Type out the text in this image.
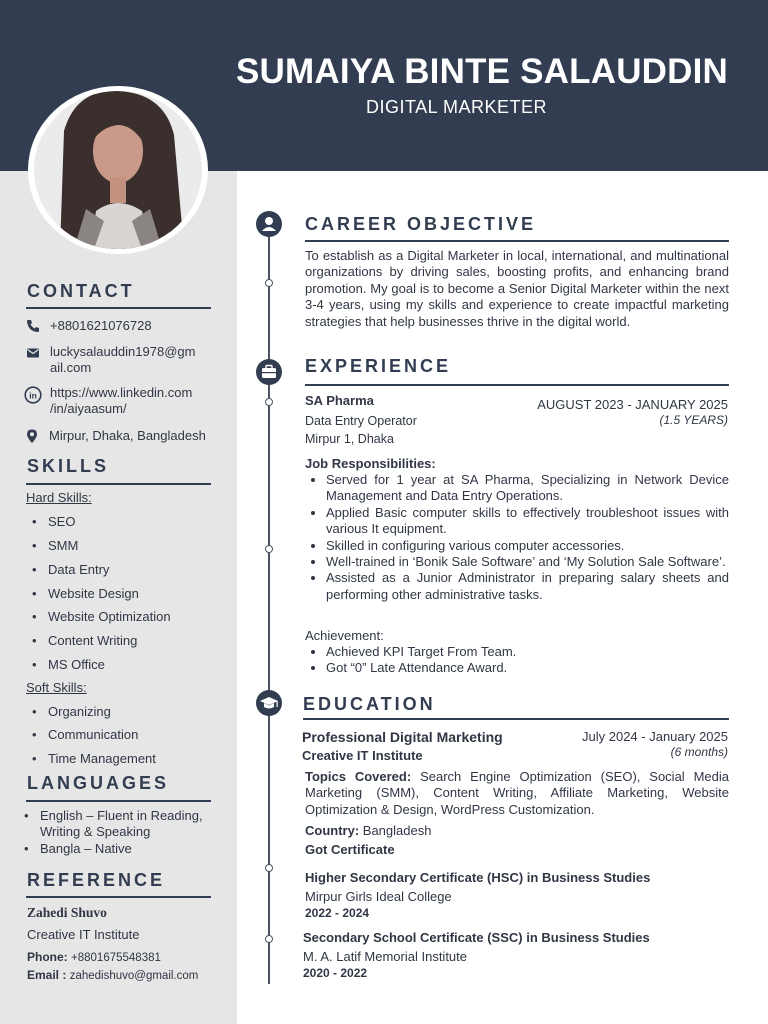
SUMAIYA BINTE SALAUDDIN
DIGITAL MARKETER
CONTACT
+8801621076728
luckysalauddin1978@gm
ail.com
in https://www.linkedin.com
/in/aiyaasum/
Mirpur, Dhaka, Bangladesh
SKILLS
Hard Skills:
• SEO
• SMM
• Data Entry
• Website Design
• Website Optimization
• Content Writing
• MS Office
Soft Skills:
• Organizing
• Communication
• Time Management
LANGUAGES
• English – Fluent in Reading,
Writing & Speaking
• Bangla – Native
REFERENCE
Zahedi Shuvo
Creative IT Institute
Phone: +8801675548381
Email : zahedishuvo@gmail.com
CAREER OBJECTIVE
To establish as a Digital Marketer in local, international, and multinational organizations by driving sales, boosting profits, and enhancing brand promotion. My goal is to become a Senior Digital Marketer within the next 3-4 years, using my skills and experience to create impactful marketing strategies that help businesses thrive in the digital world.
EXPERIENCE
SA Pharma	AUGUST 2023 - JANUARY 2025
(1.5 YEARS)
Data Entry Operator
Mirpur 1, Dhaka
Job Responsibilities:
• Served for 1 year at SA Pharma, Specializing in Network Device Management and Data Entry Operations.
• Applied Basic computer skills to effectively troubleshoot issues with various It equipment.
• Skilled in configuring various computer accessories.
• Well-trained in ‘Bonik Sale Software’ and ‘My Solution Sale Software’.
• Assisted as a Junior Administrator in preparing salary sheets and performing other administrative tasks.
Achievement:
• Achieved KPI Target From Team.
• Got “0” Late Attendance Award.
EDUCATION
Professional Digital Marketing
Creative IT Institute
July 2024 - January 2025
(6 months)
Topics Covered: Search Engine Optimization (SEO), Social Media Marketing (SMM), Content Writing, Affiliate Marketing, Website Optimization & Design, WordPress Customization.
Country: Bangladesh
Got Certificate
Higher Secondary Certificate (HSC) in Business Studies
Mirpur Girls Ideal College
2022 - 2024
Secondary School Certificate (SSC) in Business Studies
M. A. Latif Memorial Institute
2020 - 2022
